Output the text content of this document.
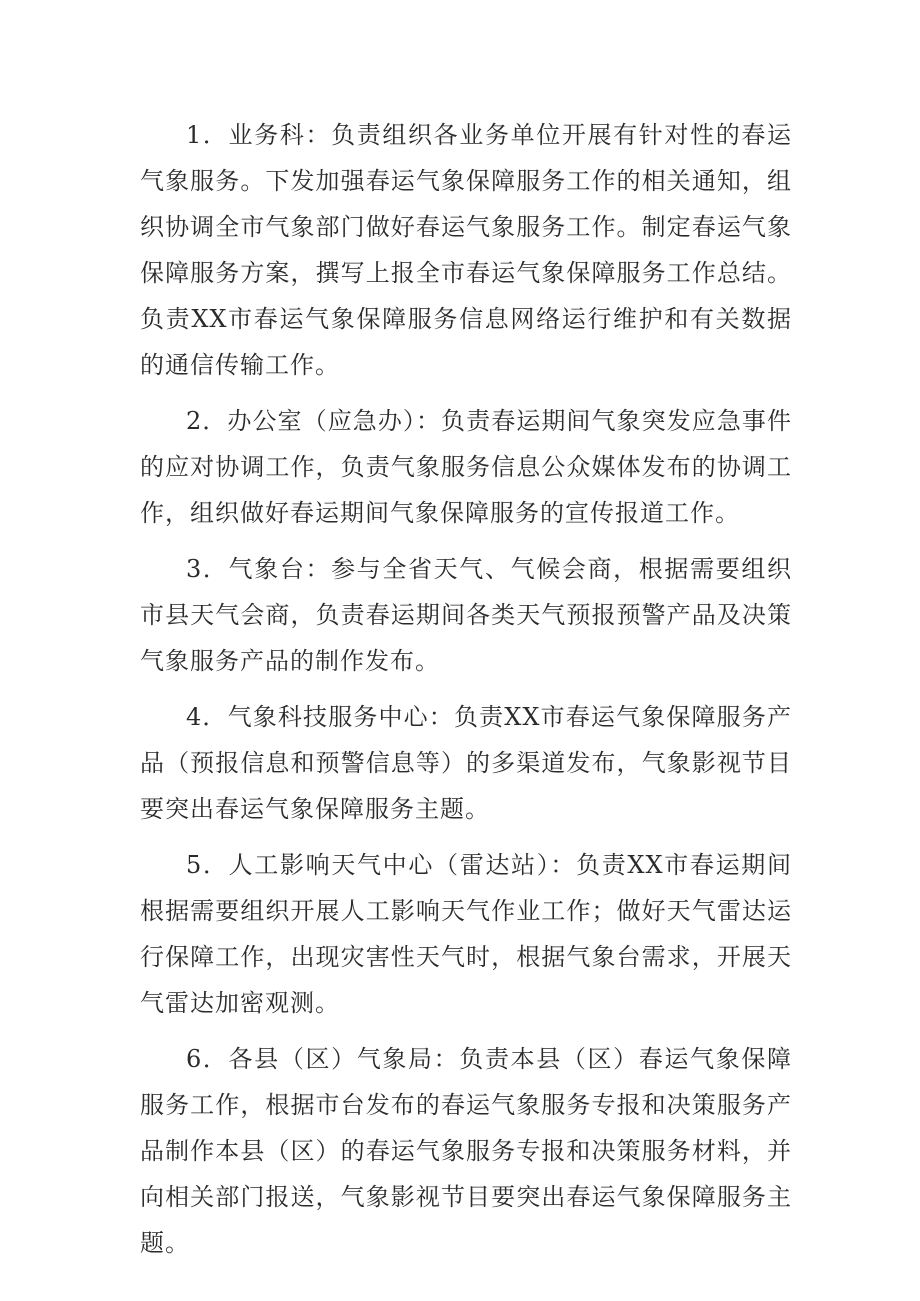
1．业务科：负责组织各业务单位开展有针对性的春运气象服务。下发加强春运气象保障服务工作的相关通知，组织协调全市气象部门做好春运气象服务工作。制定春运气象保障服务方案，撰写上报全市春运气象保障服务工作总结。负责XX市春运气象保障服务信息网络运行维护和有关数据的通信传输工作。

2．办公室（应急办）：负责春运期间气象突发应急事件的应对协调工作，负责气象服务信息公众媒体发布的协调工作，组织做好春运期间气象保障服务的宣传报道工作。

3．气象台：参与全省天气、气候会商，根据需要组织市县天气会商，负责春运期间各类天气预报预警产品及决策气象服务产品的制作发布。

4．气象科技服务中心：负责XX市春运气象保障服务产品（预报信息和预警信息等）的多渠道发布，气象影视节目要突出春运气象保障服务主题。

5．人工影响天气中心（雷达站）：负责XX市春运期间根据需要组织开展人工影响天气作业工作；做好天气雷达运行保障工作，出现灾害性天气时，根据气象台需求，开展天气雷达加密观测。

6．各县（区）气象局：负责本县（区）春运气象保障服务工作，根据市台发布的春运气象服务专报和决策服务产品制作本县（区）的春运气象服务专报和决策服务材料，并向相关部门报送，气象影视节目要突出春运气象保障服务主题。
